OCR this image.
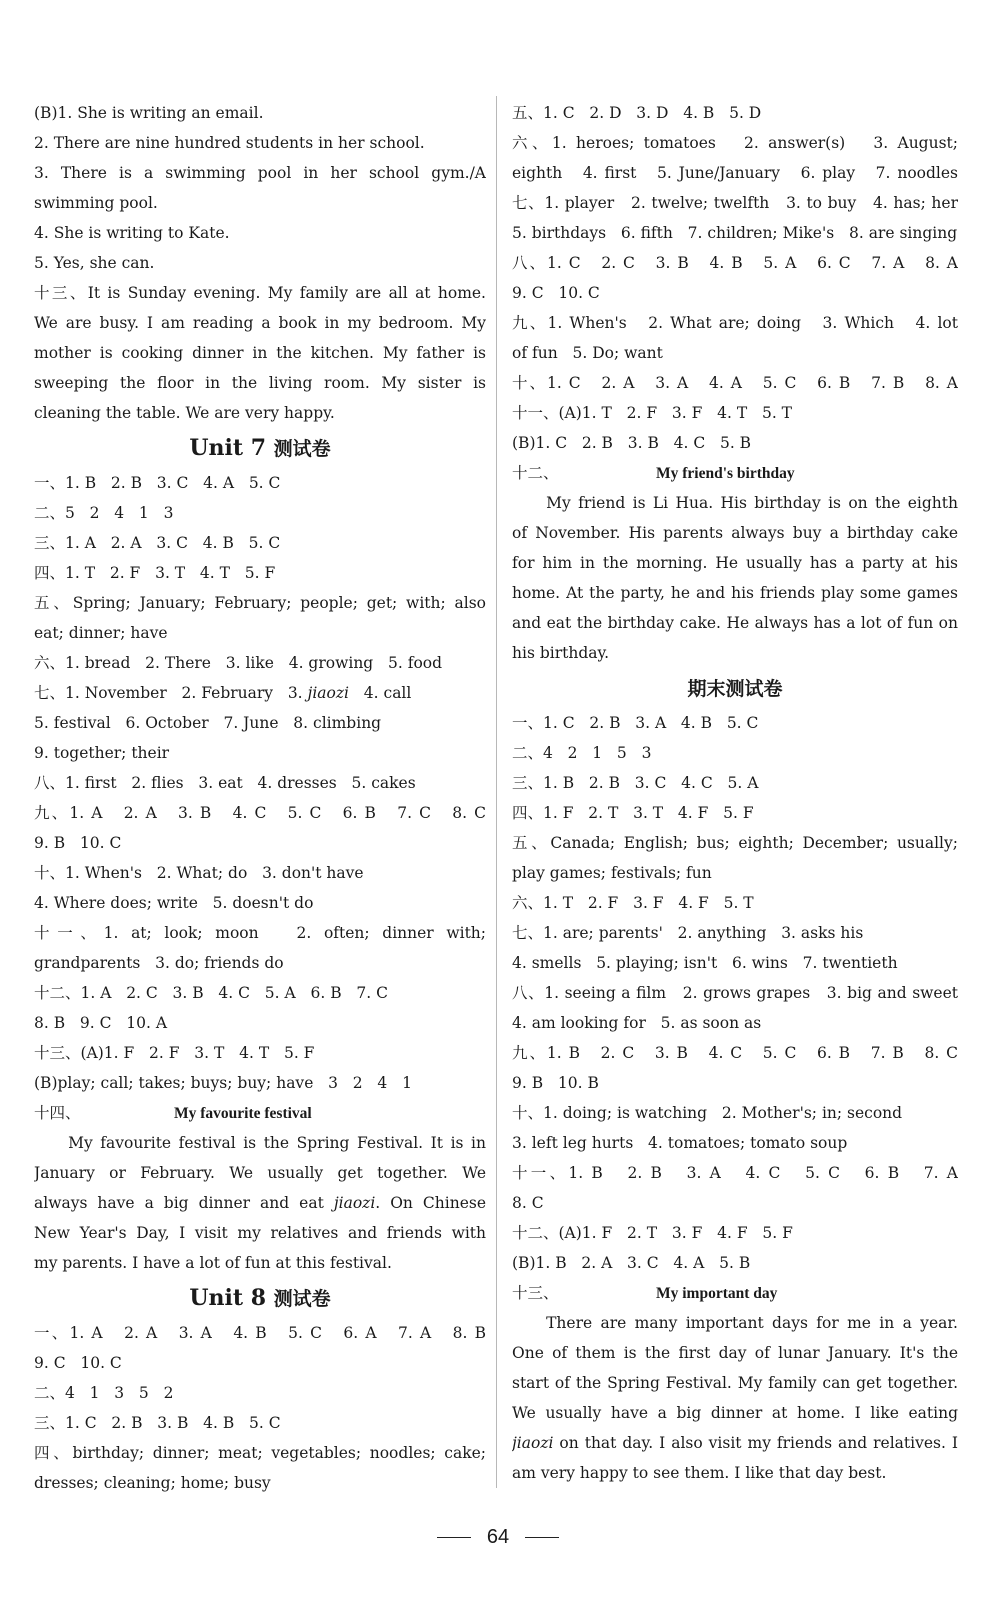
(B)1. She is writing an email.
2. There are nine hundred students in her school.
3. There is a swimming pool in her school gym./A
swimming pool.
4. She is writing to Kate.
5. Yes, she can.
十三、It is Sunday evening. My family are all at home.
We are busy. I am reading a book in my bedroom. My
mother is cooking dinner in the kitchen. My father is
sweeping the floor in the living room. My sister is
cleaning the table. We are very happy.
Unit 7 测试卷
一、1. B   2. B   3. C   4. A   5. C
二、5   2   4   1   3
三、1. A   2. A   3. C   4. B   5. C
四、1. T   2. F   3. T   4. T   5. F
五、Spring; January; February; people; get; with; also
eat; dinner; have
六、1. bread   2. There   3. like   4. growing   5. food
七、1. November   2. February   3. jiaozi   4. call
5. festival   6. October   7. June   8. climbing
9. together; their
八、1. first   2. flies   3. eat   4. dresses   5. cakes
九、1. A   2. A   3. B   4. C   5. C   6. B   7. C   8. C
9. B   10. C
十、1. When's   2. What; do   3. don't have
4. Where does; write   5. doesn't do
十一、1. at; look; moon   2. often; dinner with;
grandparents   3. do; friends do
十二、1. A   2. C   3. B   4. C   5. A   6. B   7. C
8. B   9. C   10. A
十三、(A)1. F   2. F   3. T   4. T   5. F
(B)play; call; takes; buys; buy; have   3   2   4   1
十四、	My favourite festival
My favourite festival is the Spring Festival. It is in
January or February. We usually get together. We
always have a big dinner and eat jiaozi. On Chinese
New Year's Day, I visit my relatives and friends with
my parents. I have a lot of fun at this festival.
Unit 8 测试卷
一、1. A   2. A   3. A   4. B   5. C   6. A   7. A   8. B
9. C   10. C
二、4   1   3   5   2
三、1. C   2. B   3. B   4. B   5. C
四、birthday; dinner; meat; vegetables; noodles; cake;
dresses; cleaning; home; busy
五、1. C   2. D   3. D   4. B   5. D
六、1. heroes; tomatoes   2. answer(s)   3. August;
eighth   4. first   5. June/January   6. play   7. noodles
七、1. player   2. twelve; twelfth   3. to buy   4. has; her
5. birthdays   6. fifth   7. children; Mike's   8. are singing
八、1. C   2. C   3. B   4. B   5. A   6. C   7. A   8. A
9. C   10. C
九、1. When's   2. What are; doing   3. Which   4. lot
of fun   5. Do; want
十、1. C   2. A   3. A   4. A   5. C   6. B   7. B   8. A
十一、(A)1. T   2. F   3. F   4. T   5. T
(B)1. C   2. B   3. B   4. C   5. B
十二、	My friend's birthday
My friend is Li Hua. His birthday is on the eighth
of November. His parents always buy a birthday cake
for him in the morning. He usually has a party at his
home. At the party, he and his friends play some games
and eat the birthday cake. He always has a lot of fun on
his birthday.
期末测试卷
一、1. C   2. B   3. A   4. B   5. C
二、4   2   1   5   3
三、1. B   2. B   3. C   4. C   5. A
四、1. F   2. T   3. T   4. F   5. F
五、Canada; English; bus; eighth; December; usually;
play games; festivals; fun
六、1. T   2. F   3. F   4. F   5. T
七、1. are; parents'   2. anything   3. asks his
4. smells   5. playing; isn't   6. wins   7. twentieth
八、1. seeing a film   2. grows grapes   3. big and sweet
4. am looking for   5. as soon as
九、1. B   2. C   3. B   4. C   5. C   6. B   7. B   8. C
9. B   10. B
十、1. doing; is watching   2. Mother's; in; second
3. left leg hurts   4. tomatoes; tomato soup
十一、1. B   2. B   3. A   4. C   5. C   6. B   7. A
8. C
十二、(A)1. F   2. T   3. F   4. F   5. F
(B)1. B   2. A   3. C   4. A   5. B
十三、	My important day
There are many important days for me in a year.
One of them is the first day of lunar January. It's the
start of the Spring Festival. My family can get together.
We usually have a big dinner at home. I like eating
jiaozi on that day. I also visit my friends and relatives. I
am very happy to see them. I like that day best.
64
